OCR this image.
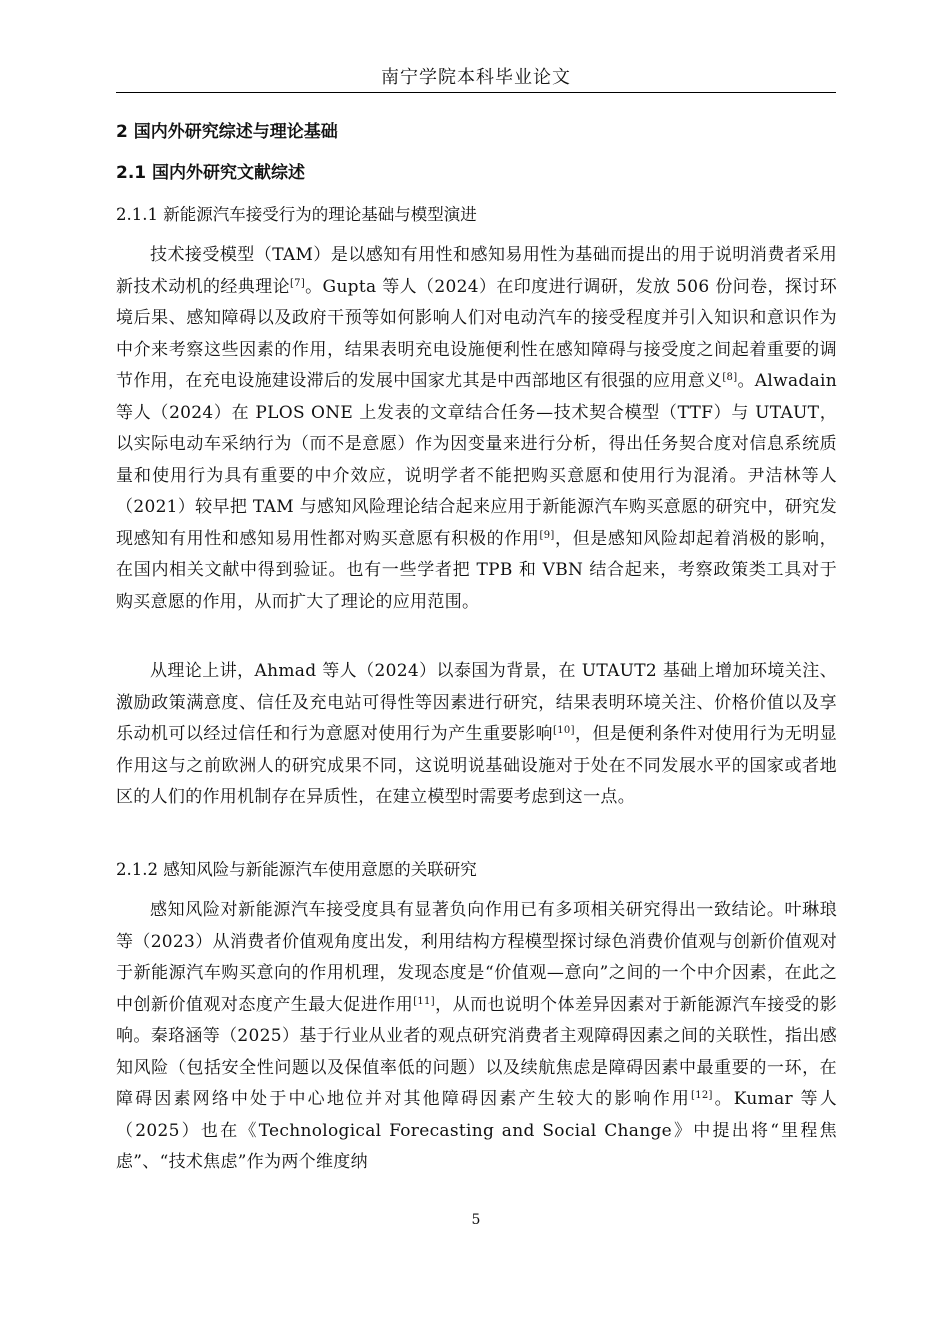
南宁学院本科毕业论文
2 国内外研究综述与理论基础
2.1 国内外研究文献综述
2.1.1 新能源汽车接受行为的理论基础与模型演进

技术接受模型（TAM）是以感知有用性和感知易用性为基础而提出的用于说明消费者采用新技术动机的经典理论[7]。Gupta 等人（2024）在印度进行调研，发放 506 份问卷，探讨环境后果、感知障碍以及政府干预等如何影响人们对电动汽车的接受程度并引入知识和意识作为中介来考察这些因素的作用，结果表明充电设施便利性在感知障碍与接受度之间起着重要的调节作用，在充电设施建设滞后的发展中国家尤其是中西部地区有很强的应用意义[8]。Alwadain 等人（2024）在 PLOS ONE 上发表的文章结合任务—技术契合模型（TTF）与 UTAUT，以实际电动车采纳行为（而不是意愿）作为因变量来进行分析，得出任务契合度对信息系统质量和使用行为具有重要的中介效应，说明学者不能把购买意愿和使用行为混淆。尹洁林等人（2021）较早把 TAM 与感知风险理论结合起来应用于新能源汽车购买意愿的研究中，研究发现感知有用性和感知易用性都对购买意愿有积极的作用[9]，但是感知风险却起着消极的影响，在国内相关文献中得到验证。也有一些学者把 TPB 和 VBN 结合起来，考察政策类工具对于购买意愿的作用，从而扩大了理论的应用范围。

从理论上讲，Ahmad 等人（2024）以泰国为背景，在 UTAUT2 基础上增加环境关注、激励政策满意度、信任及充电站可得性等因素进行研究，结果表明环境关注、价格价值以及享乐动机可以经过信任和行为意愿对使用行为产生重要影响[10]，但是便利条件对使用行为无明显作用这与之前欧洲人的研究成果不同，这说明说基础设施对于处在不同发展水平的国家或者地区的人们的作用机制存在异质性，在建立模型时需要考虑到这一点。

2.1.2 感知风险与新能源汽车使用意愿的关联研究

感知风险对新能源汽车接受度具有显著负向作用已有多项相关研究得出一致结论。叶琳琅等（2023）从消费者价值观角度出发，利用结构方程模型探讨绿色消费价值观与创新价值观对于新能源汽车购买意向的作用机理，发现态度是“价值观—意向”之间的一个中介因素，在此之中创新价值观对态度产生最大促进作用[11]，从而也说明个体差异因素对于新能源汽车接受的影响。秦珞涵等（2025）基于行业从业者的观点研究消费者主观障碍因素之间的关联性，指出感知风险（包括安全性问题以及保值率低的问题）以及续航焦虑是障碍因素中最重要的一环，在障碍因素网络中处于中心地位并对其他障碍因素产生较大的影响作用[12]。Kumar 等人（2025）也在《Technological Forecasting and Social Change》中提出将“里程焦虑”、“技术焦虑”作为两个维度纳

5
